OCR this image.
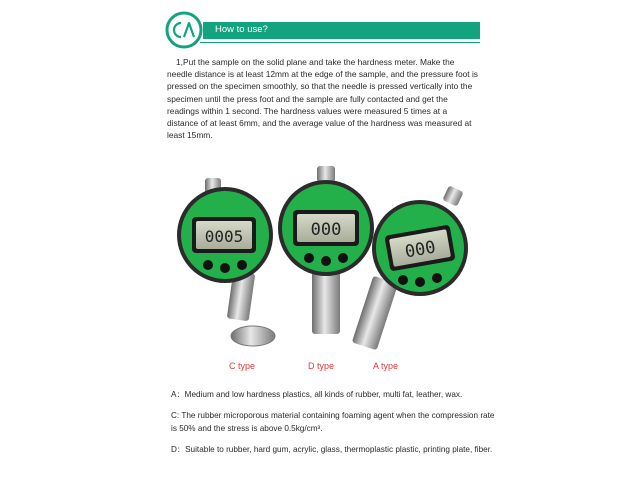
How to use?

1,Put the sample on the solid plane and take the hardness meter. Make the needle distance is at least 12mm at the edge of the sample, and the pressure foot is pressed on the specimen smoothly, so that the needle is pressed vertically into the specimen until the press foot and the sample are fully contacted and get the readings within 1 second. The hardness values were measured 5 times at a distance of at least 6mm, and the average value of the hardness was measured at least 15mm.

0005	000
000
C type	D type	A type

A：Medium and low hardness plastics, all kinds of rubber, multi fat, leather, wax.

C: The rubber microporous material containing foaming agent when the compression rate is 50% and the stress is above 0.5kg/cm³.

D：Suitable to rubber, hard gum, acrylic, glass, thermoplastic plastic, printing plate, fiber.
